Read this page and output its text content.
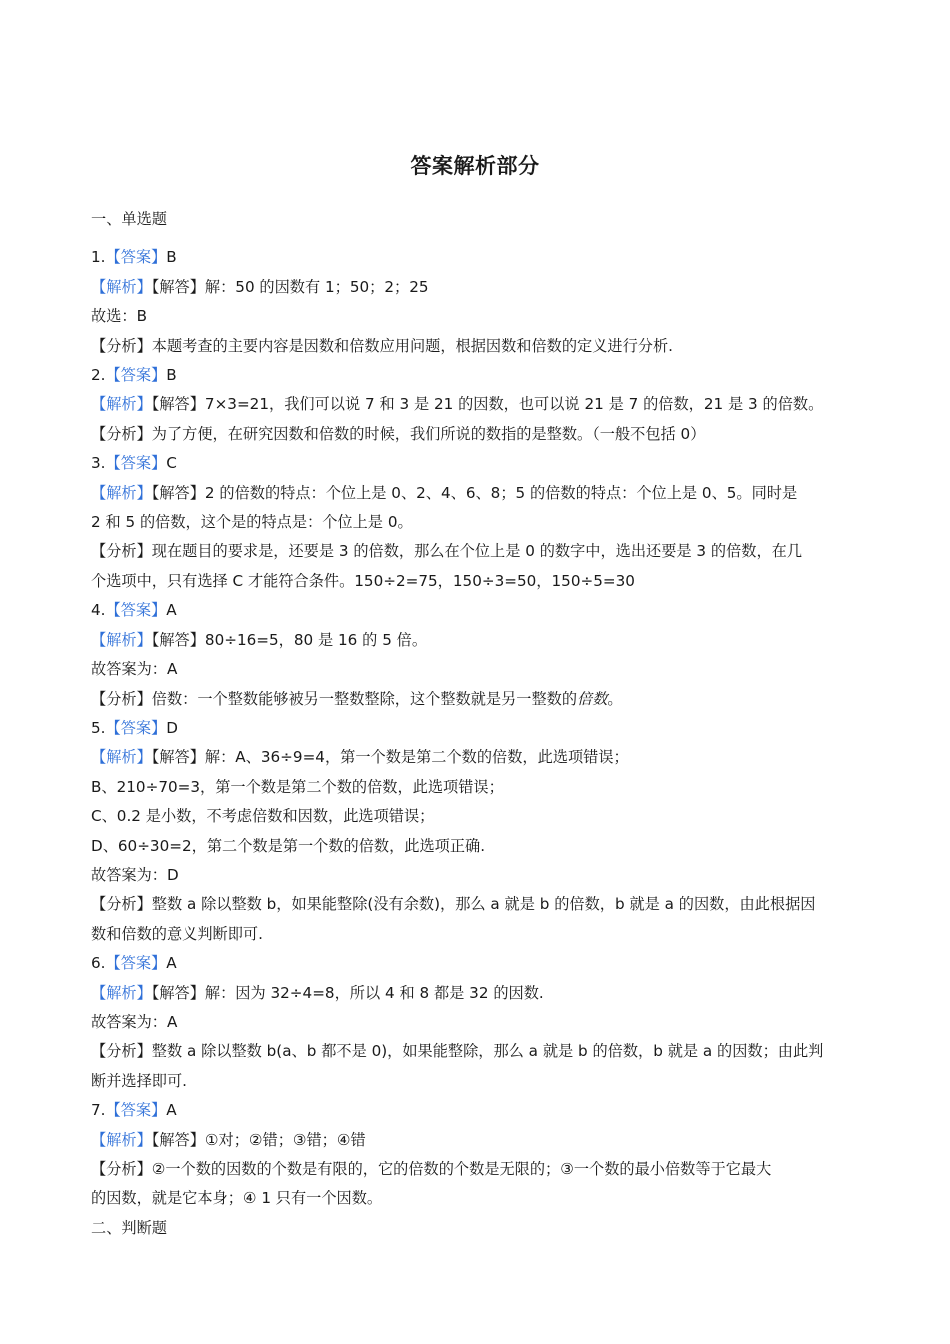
答案解析部分
一、单选题
1.【答案】B
【解析】【解答】解：50 的因数有 1；50；2；25
故选：B
【分析】本题考查的主要内容是因数和倍数应用问题，根据因数和倍数的定义进行分析.
2.【答案】B
【解析】【解答】7×3=21，我们可以说 7 和 3 是 21 的因数，也可以说 21 是 7 的倍数，21 是 3 的倍数。
【分析】为了方便，在研究因数和倍数的时候，我们所说的数指的是整数。（一般不包括 0）
3.【答案】C
【解析】【解答】2 的倍数的特点：个位上是 0、2、4、6、8；5 的倍数的特点：个位上是 0、5。同时是
2 和 5 的倍数，这个是的特点是：个位上是 0。
【分析】现在题目的要求是，还要是 3 的倍数，那么在个位上是 0 的数字中，选出还要是 3 的倍数，在几
个选项中，只有选择 C 才能符合条件。150÷2=75，150÷3=50，150÷5=30
4.【答案】A
【解析】【解答】80÷16=5，80 是 16 的 5 倍。
故答案为：A
【分析】倍数：一个整数能够被另一整数整除，这个整数就是另一整数的倍数。
5.【答案】D
【解析】【解答】解：A、36÷9=4，第一个数是第二个数的倍数，此选项错误；
B、210÷70=3，第一个数是第二个数的倍数，此选项错误；
C、0.2 是小数，不考虑倍数和因数，此选项错误；
D、60÷30=2，第二个数是第一个数的倍数，此选项正确.
故答案为：D
【分析】整数 a 除以整数 b，如果能整除(没有余数)，那么 a 就是 b 的倍数，b 就是 a 的因数，由此根据因
数和倍数的意义判断即可.
6.【答案】A
【解析】【解答】解：因为 32÷4=8，所以 4 和 8 都是 32 的因数.
故答案为：A
【分析】整数 a 除以整数 b(a、b 都不是 0)，如果能整除，那么 a 就是 b 的倍数，b 就是 a 的因数；由此判
断并选择即可.
7.【答案】A
【解析】【解答】①对；②错；③错；④错
【分析】②一个数的因数的个数是有限的，它的倍数的个数是无限的；③一个数的最小倍数等于它最大
的因数，就是它本身；④ 1 只有一个因数。
二、判断题
